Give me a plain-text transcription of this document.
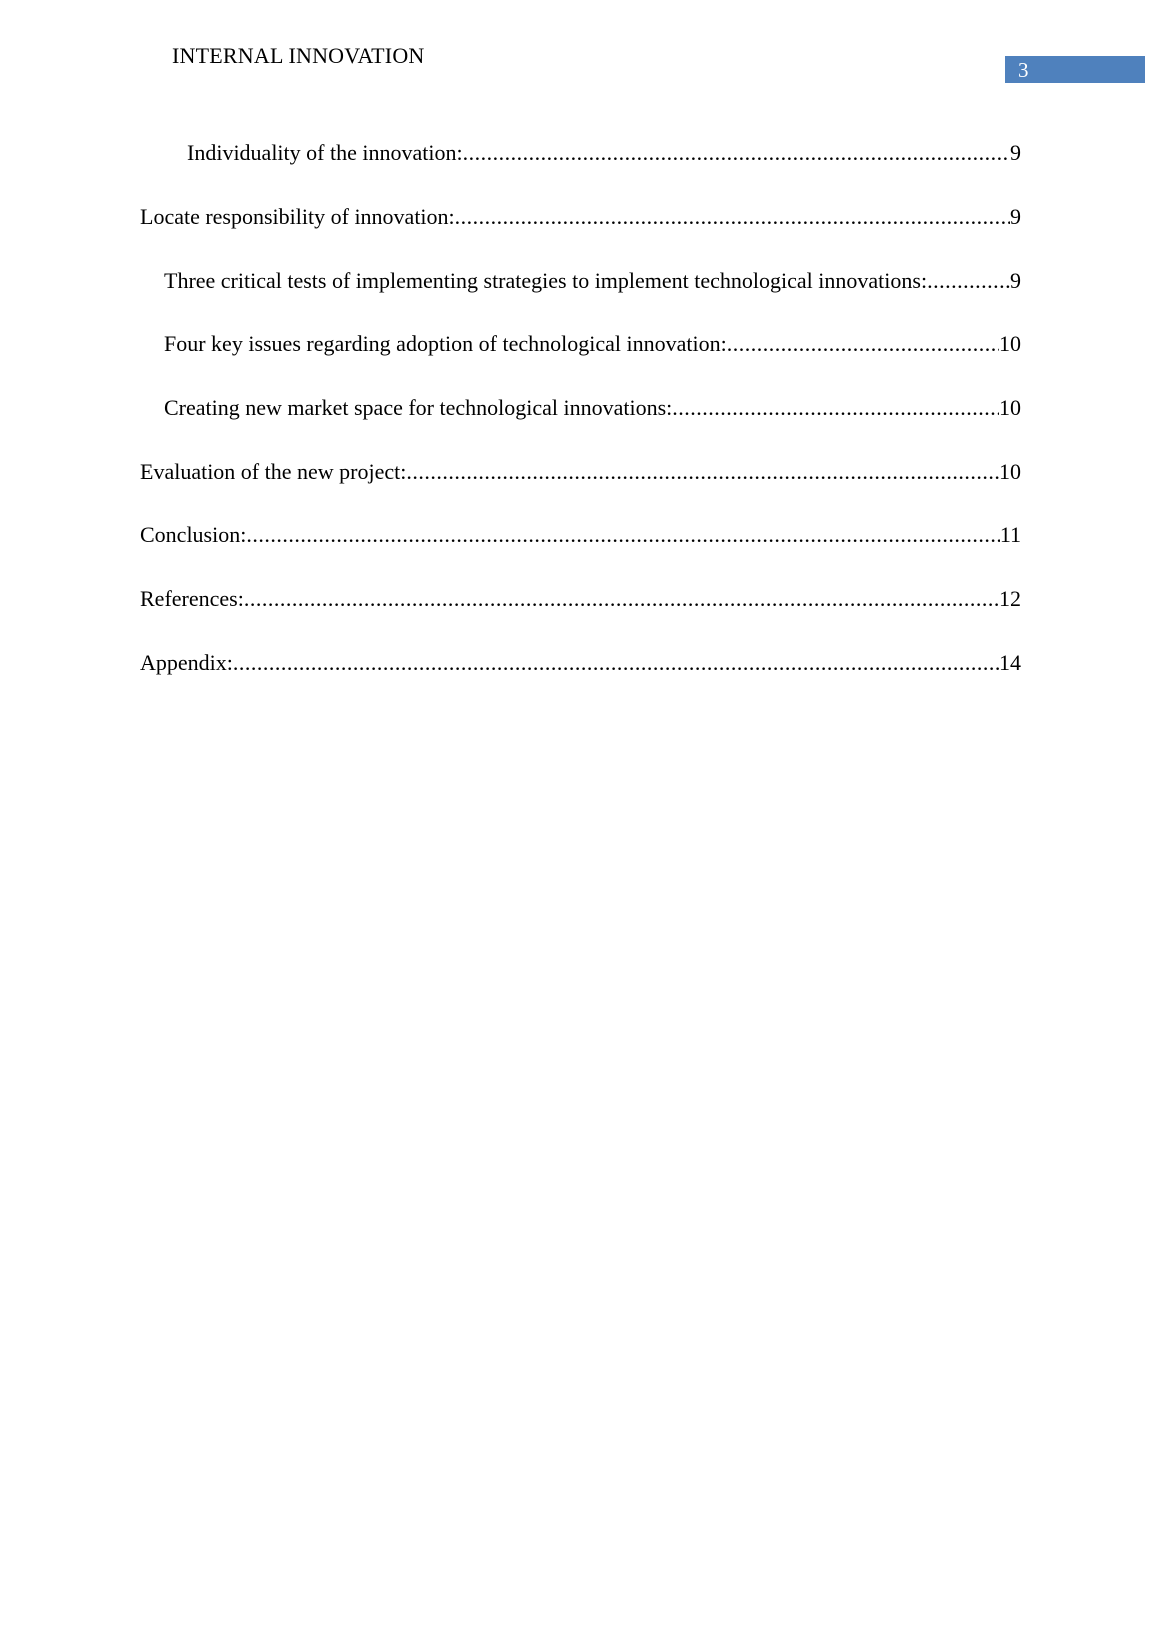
INTERNAL INNOVATION
3
Individuality of the innovation: .....	9
Locate responsibility of innovation: .....	9
Three critical tests of implementing strategies to implement technological innovations: .....	9
Four key issues regarding adoption of technological innovation: .....	10
Creating new market space for technological innovations: .....	10
Evaluation of the new project: .....	10
Conclusion: .....	11
References: .....	12
Appendix: .....	14
